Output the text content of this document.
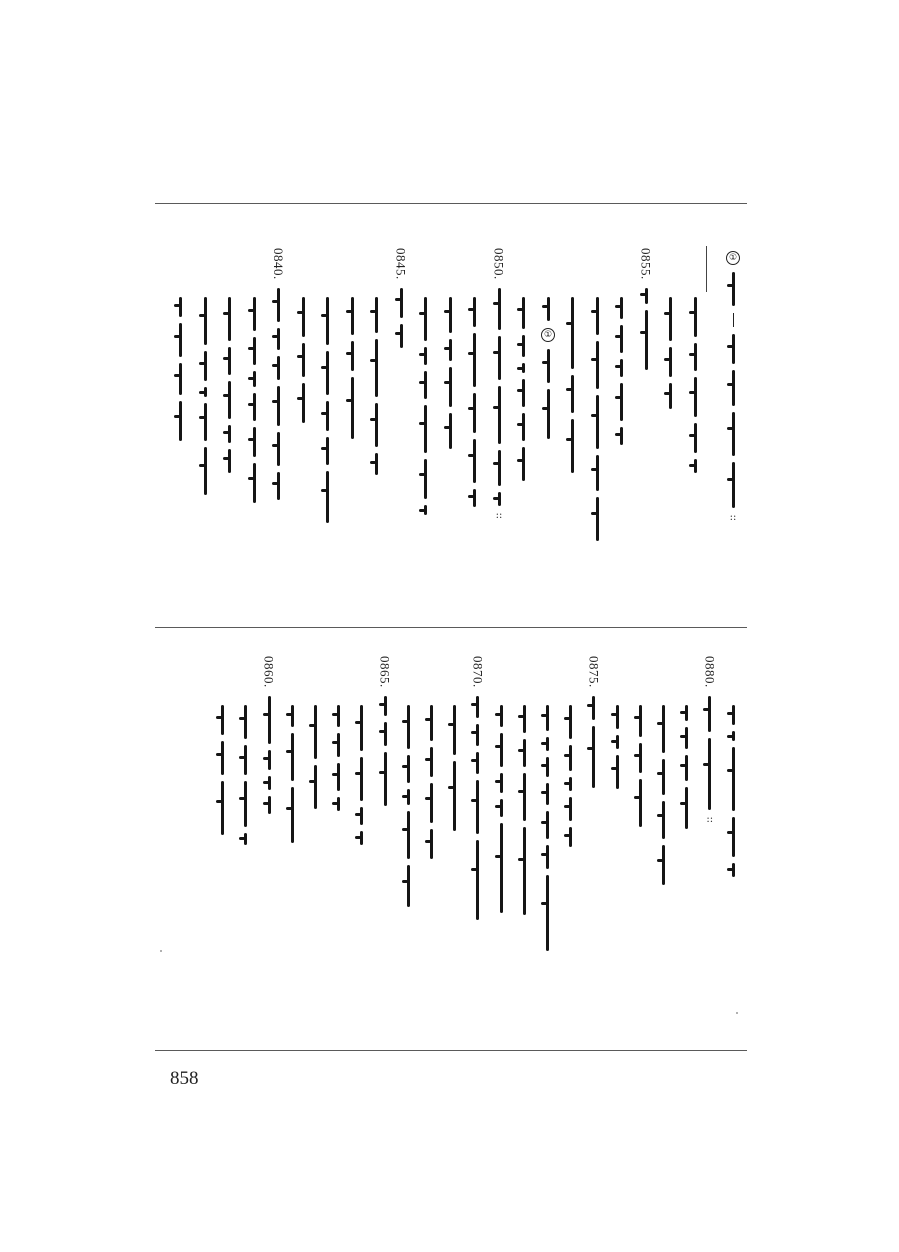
①
::
0855.
①
0850.
::
0845.
0840.
0880.
::
0875.
0870.
0865.
0860.
858
